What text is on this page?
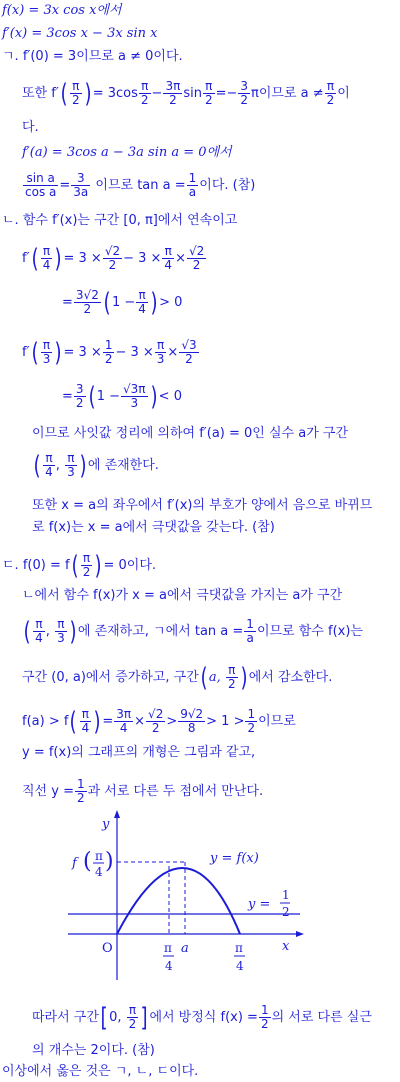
f(x) = 3x cos x에서
f′(x) = 3cos x − 3x sin x
ㄱ. f′(0) = 3이므로 a ≠ 0이다.
또한 $f'( \frac{\pi}{2}$ ) = $3\cos \frac{\pi}{2} - \frac{3\pi}{2}$ $\sin \frac{\pi}{2} =- \frac{3}{2}$ π이므로 $a \ne \frac{\pi}{2}$ 이
다.
f′(a) = 3cos a − 3a sin a = 0에서
$\frac{\text{sin a}}{\text{cos a}} = \frac{3}{3a}$ 이므로 $\tan a = \frac{1}{a}$ 이다. (참)
ㄴ. 함수 f′(x)는 구간 [0, π]에서 연속이고
$f'( \frac{\pi}{4}$ ) = $3 \times \frac{√2}{2} - 3 \times \frac{\pi}{4} \times \frac{√2}{2}$
= $\frac{3√2}{2}$ ( $1 - \frac{\pi}{4}$ ) > 0
$f'( \frac{\pi}{3}$ ) = $3 \times \frac{1}{2} - 3 \times \frac{\pi}{3} \times \frac{√3}{2}$
= $\frac{3}{2}$ ( $1 - \frac{√3\pi}{3}$ ) < 0
이므로 사잇값 정리에 의하여 f′(a) = 0인 실수 a가 구간
( $\frac{\pi}{4}$ , $\frac{\pi}{3}$ ) 에 존재한다.
또한 x = a의 좌우에서 f′(x)의 부호가 양에서 음으로 바뀌므
로 f(x)는 x = a에서 극댓값을 갖는다. (참)
ㄷ. $f(0) = f( \frac{\pi}{2}$ ) = 0이다.
ㄴ에서 함수 f(x)가 x = a에서 극댓값을 가지는 a가 구간
( $\frac{\pi}{4}$ , $\frac{\pi}{3}$ ) 에 존재하고, ㄱ에서 $\tan a = \frac{1}{a}$ 이므로 함수 f(x)는
구간 (0, a)에서 증가하고, 구간( a, $\frac{\pi}{2}$ ) 에서 감소한다.
$f(a) > f( \frac{\pi}{4}$ ) = $\frac{3\pi}{4} \times \frac{√2}{2} > \frac{9√2}{8} > 1 > \frac{1}{2}$ 이므로
y = f(x)의 그래프의 개형은 그림과 같고,
직선 $y = \frac{1}{2}$ 과 서로 다른 두 점에서 만난다.
y
x
O
y = f(x)
f ( π
4 )
y =
1
2
π
4
a	π
4
따라서 구간[ 0, $\frac{\pi}{2}$ ] 에서 방정식 $f(x) = \frac{1}{2}$ 의 서로 다른 실근
의 개수는 2이다. (참)
이상에서 옳은 것은 ㄱ, ㄴ, ㄷ이다.
